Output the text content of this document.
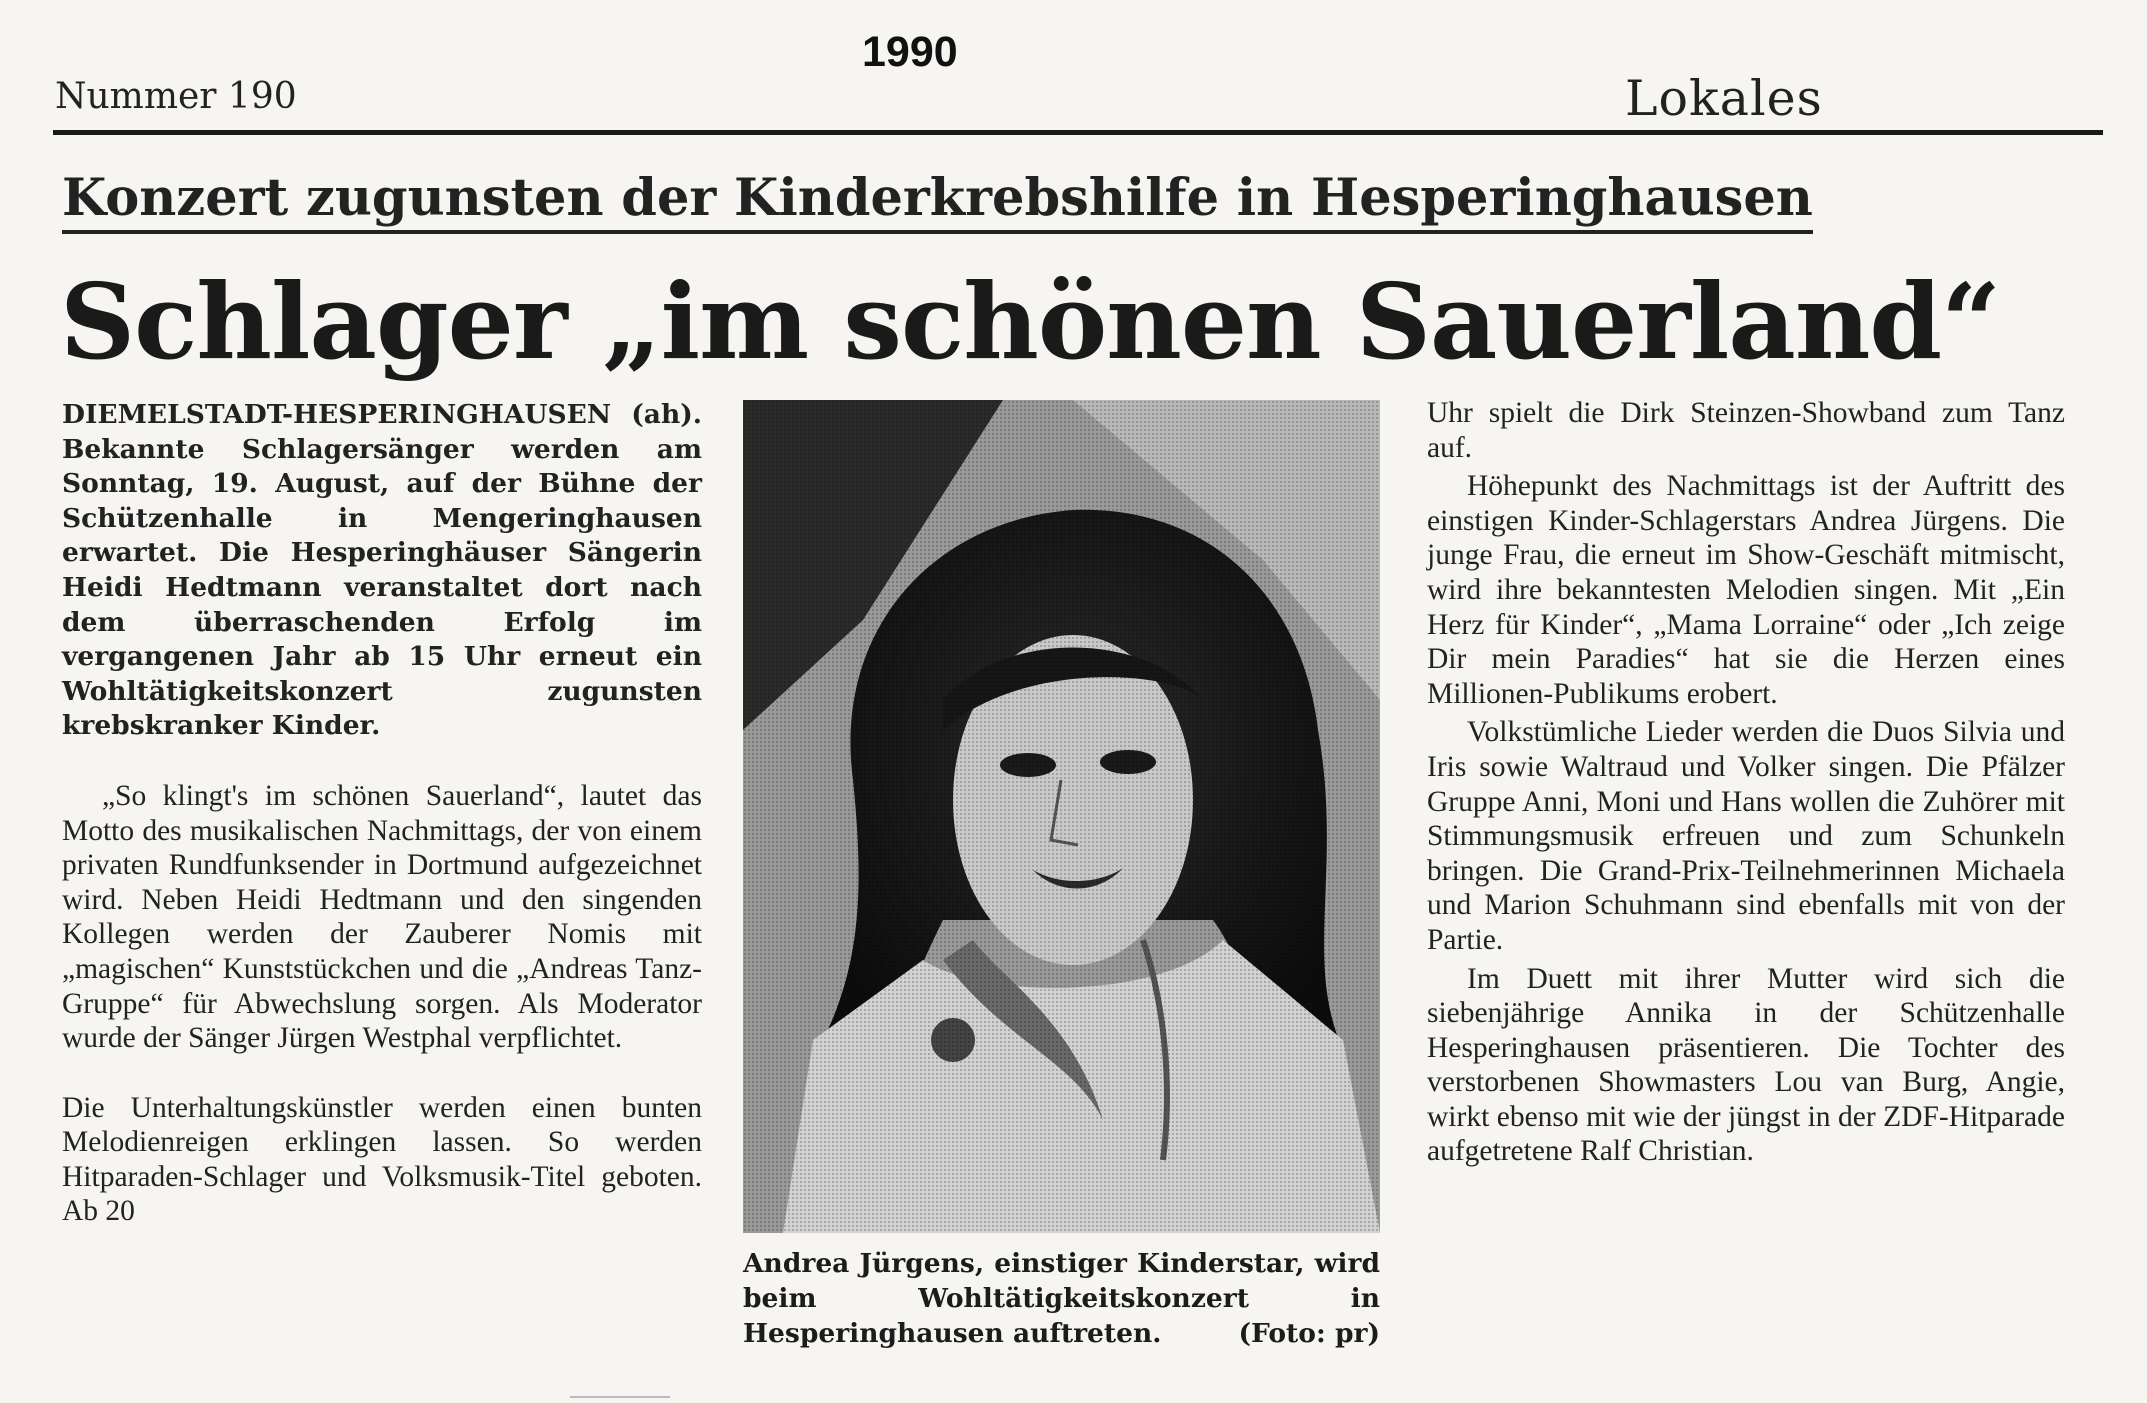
1990
Nummer 190	Lokales
Konzert zugunsten der Kinderkrebshilfe in Hesperinghausen
Schlager „im schönen Sauerland“

DIEMELSTADT-HESPERINGHAUSEN (ah). Bekannte Schlagersänger werden am Sonntag, 19. August, auf der Bühne der Schützenhalle in Mengeringhausen erwartet. Die Hesperinghäuser Sängerin Heidi Hedtmann veranstaltet dort nach dem überraschenden Erfolg im vergangenen Jahr ab 15 Uhr erneut ein Wohltätigkeitskonzert zugunsten krebskranker Kinder.

„So klingt's im schönen Sauerland“, lautet das Motto des musikalischen Nachmittags, der von einem privaten Rundfunksender in Dortmund aufgezeichnet wird. Neben Heidi Hedtmann und den singenden Kollegen werden der Zauberer Nomis mit „magischen“ Kunststückchen und die „Andreas Tanz-Gruppe“ für Abwechslung sorgen. Als Moderator wurde der Sänger Jürgen Westphal verpflichtet.

Die Unterhaltungskünstler werden einen bunten Melodienreigen erklingen lassen. So werden Hitparaden-Schlager und Volksmusik-Titel geboten. Ab 20

Andrea Jürgens, einstiger Kinderstar, wird beim Wohltätigkeitskonzert in Hesperinghausen auftreten.	(Foto: pr)

Uhr spielt die Dirk Steinzen-Showband zum Tanz auf.

Höhepunkt des Nachmittags ist der Auftritt des einstigen Kinder-Schlagerstars Andrea Jürgens. Die junge Frau, die erneut im Show-Geschäft mitmischt, wird ihre bekanntesten Melodien singen. Mit „Ein Herz für Kinder“, „Mama Lorraine“ oder „Ich zeige Dir mein Paradies“ hat sie die Herzen eines Millionen-Publikums erobert.

Volkstümliche Lieder werden die Duos Silvia und Iris sowie Waltraud und Volker singen. Die Pfälzer Gruppe Anni, Moni und Hans wollen die Zuhörer mit Stimmungsmusik erfreuen und zum Schunkeln bringen. Die Grand-Prix-Teilnehmerinnen Michaela und Marion Schuhmann sind ebenfalls mit von der Partie.

Im Duett mit ihrer Mutter wird sich die siebenjährige Annika in der Schützenhalle Hesperinghausen präsentieren. Die Tochter des verstorbenen Showmasters Lou van Burg, Angie, wirkt ebenso mit wie der jüngst in der ZDF-Hitparade aufgetretene Ralf Christian.
